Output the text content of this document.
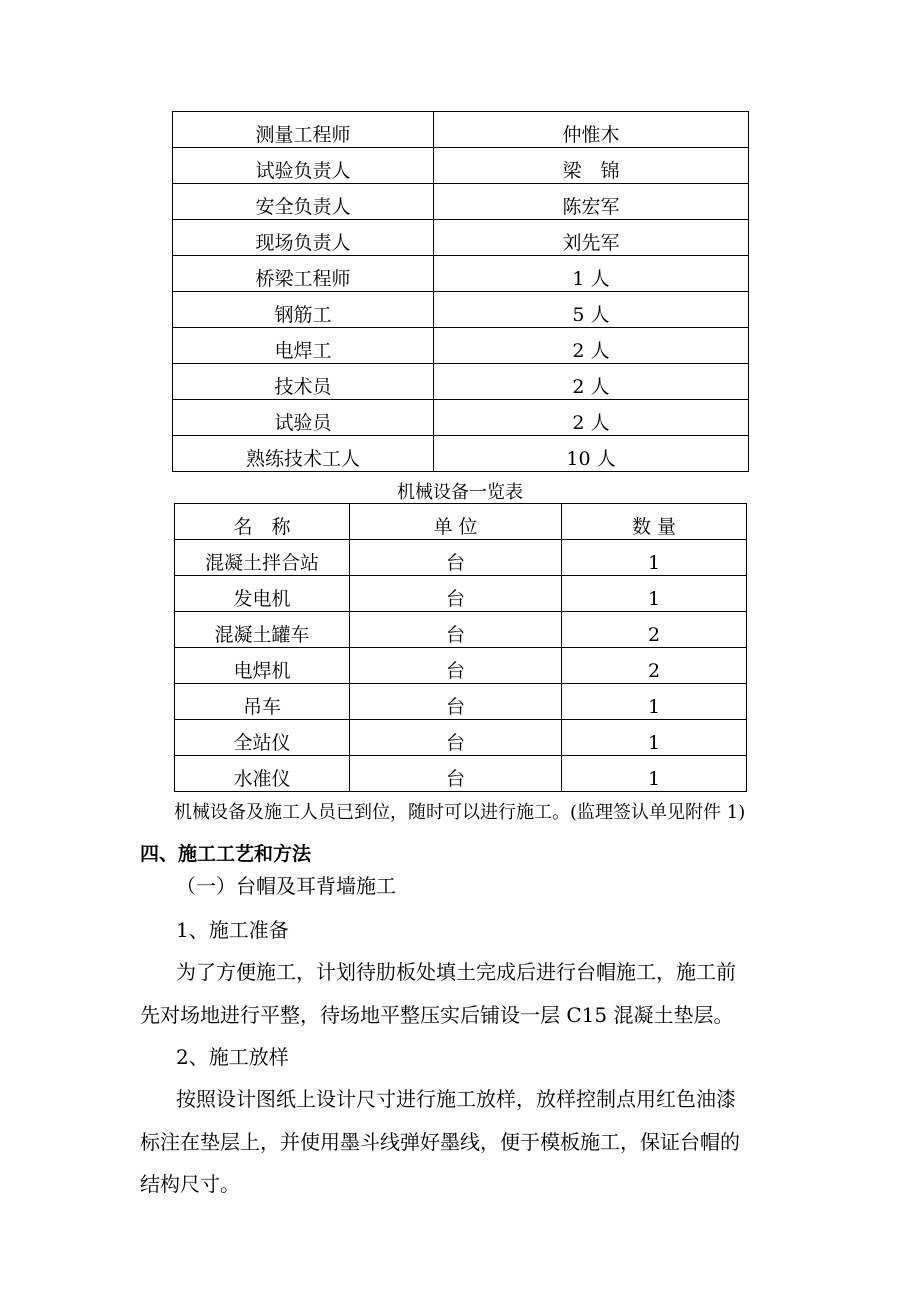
测量工程师	仲惟木
试验负责人	梁　锦
安全负责人	陈宏军
现场负责人	刘先军
桥梁工程师	1 人
钢筋工	5 人
电焊工	2 人
技术员	2 人
试验员	2 人
熟练技术工人	10 人
机械设备一览表
名　称	单 位	数 量
混凝土拌合站	台	1
发电机	台	1
混凝土罐车	台	2
电焊机	台	2
吊车	台	1
全站仪	台	1
水准仪	台	1
机械设备及施工人员已到位，随时可以进行施工。(监理签认单见附件 1)
四、施工工艺和方法
（一）台帽及耳背墙施工
1、施工准备
为了方便施工，计划待肋板处填土完成后进行台帽施工，施工前
先对场地进行平整，待场地平整压实后铺设一层 C15 混凝土垫层。
2、施工放样
按照设计图纸上设计尺寸进行施工放样，放样控制点用红色油漆
标注在垫层上，并使用墨斗线弹好墨线，便于模板施工，保证台帽的
结构尺寸。
